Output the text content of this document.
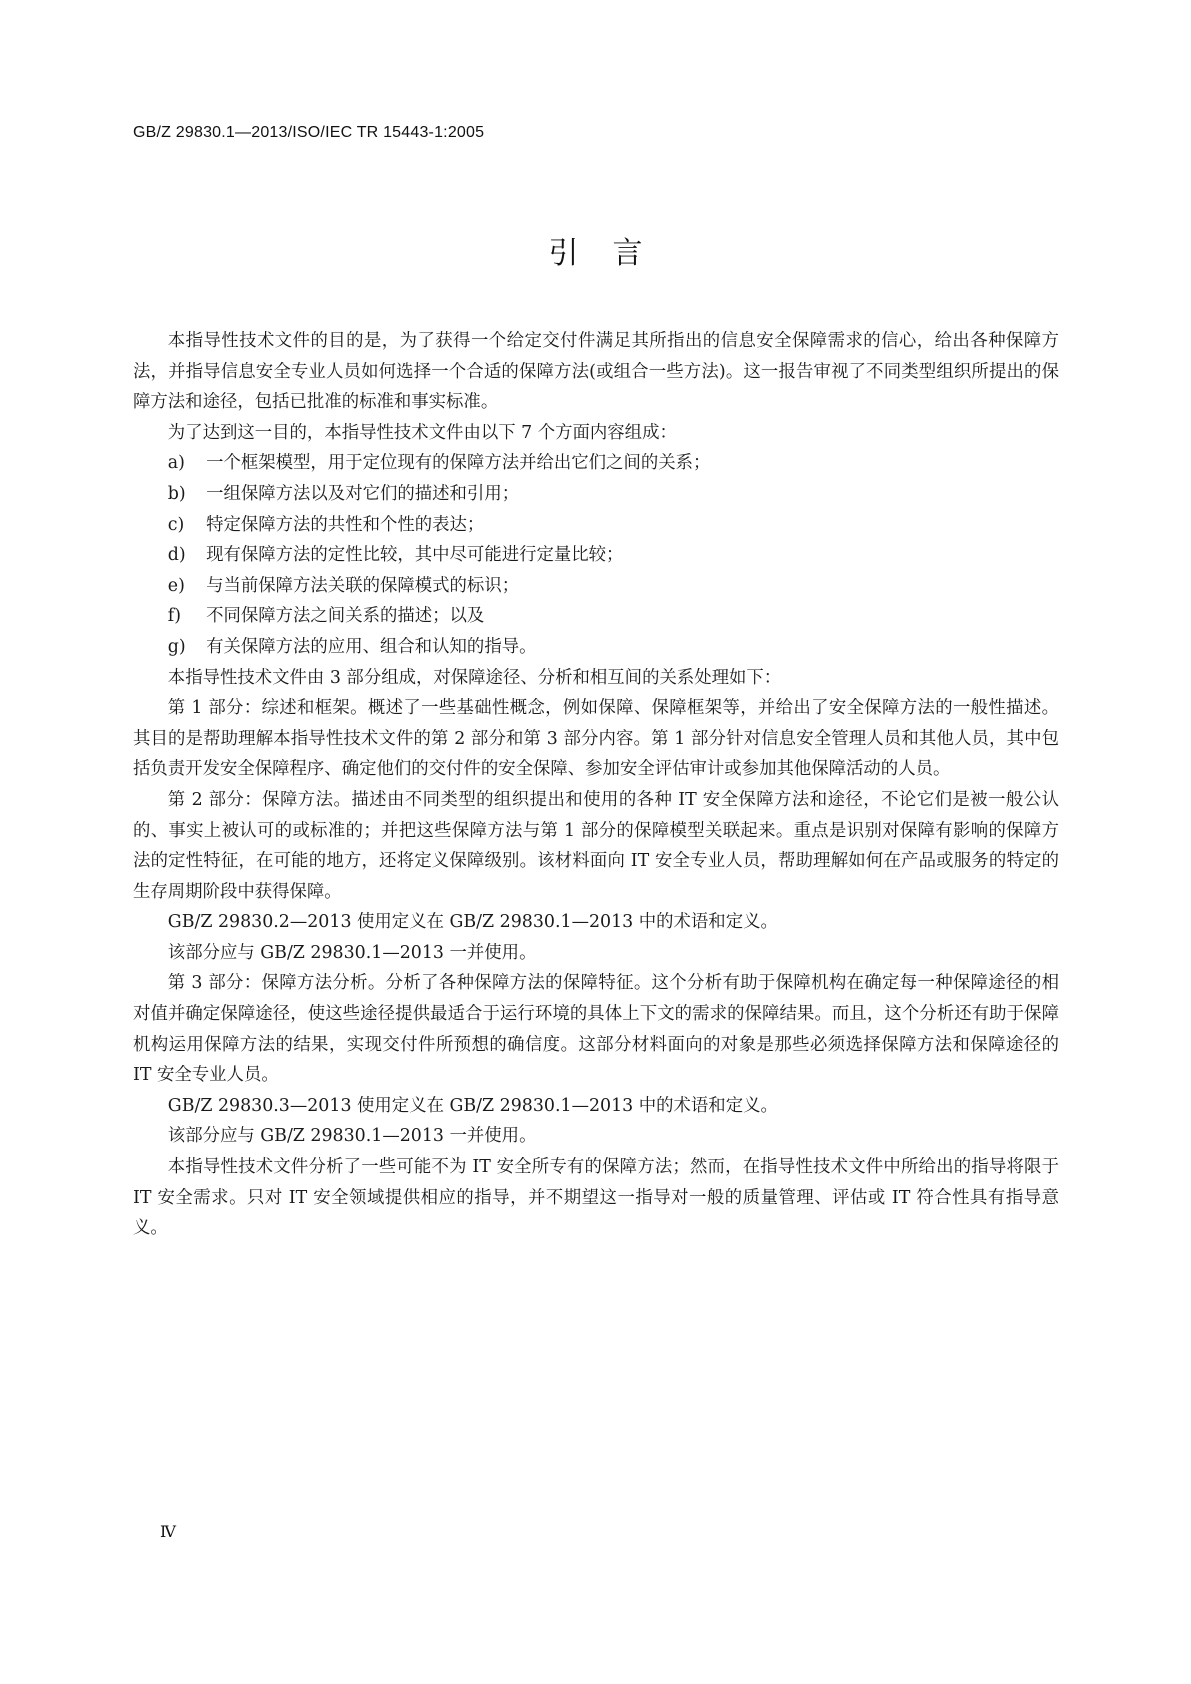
GB/Z 29830.1—2013/ISO/IEC TR 15443-1:2005
引言

本指导性技术文件的目的是，为了获得一个给定交付件满足其所指出的信息安全保障需求的信心，给出各种保障方法，并指导信息安全专业人员如何选择一个合适的保障方法(或组合一些方法)。这一报告审视了不同类型组织所提出的保障方法和途径，包括已批准的标准和事实标准。

为了达到这一目的，本指导性技术文件由以下 7 个方面内容组成：

a)	一个框架模型，用于定位现有的保障方法并给出它们之间的关系；
b)	一组保障方法以及对它们的描述和引用；
c)	特定保障方法的共性和个性的表达；
d)	现有保障方法的定性比较，其中尽可能进行定量比较；
e)	与当前保障方法关联的保障模式的标识；
f)	不同保障方法之间关系的描述；以及
g)	有关保障方法的应用、组合和认知的指导。

本指导性技术文件由 3 部分组成，对保障途径、分析和相互间的关系处理如下：

第 1 部分：综述和框架。概述了一些基础性概念，例如保障、保障框架等，并给出了安全保障方法的一般性描述。其目的是帮助理解本指导性技术文件的第 2 部分和第 3 部分内容。第 1 部分针对信息安全管理人员和其他人员，其中包括负责开发安全保障程序、确定他们的交付件的安全保障、参加安全评估审计或参加其他保障活动的人员。

第 2 部分：保障方法。描述由不同类型的组织提出和使用的各种 IT 安全保障方法和途径，不论它们是被一般公认的、事实上被认可的或标准的；并把这些保障方法与第 1 部分的保障模型关联起来。重点是识别对保障有影响的保障方法的定性特征，在可能的地方，还将定义保障级别。该材料面向 IT 安全专业人员，帮助理解如何在产品或服务的特定的生存周期阶段中获得保障。

GB/Z 29830.2—2013 使用定义在 GB/Z 29830.1—2013 中的术语和定义。

该部分应与 GB/Z 29830.1—2013 一并使用。

第 3 部分：保障方法分析。分析了各种保障方法的保障特征。这个分析有助于保障机构在确定每一种保障途径的相对值并确定保障途径，使这些途径提供最适合于运行环境的具体上下文的需求的保障结果。而且，这个分析还有助于保障机构运用保障方法的结果，实现交付件所预想的确信度。这部分材料面向的对象是那些必须选择保障方法和保障途径的 IT 安全专业人员。

GB/Z 29830.3—2013 使用定义在 GB/Z 29830.1—2013 中的术语和定义。

该部分应与 GB/Z 29830.1—2013 一并使用。

本指导性技术文件分析了一些可能不为 IT 安全所专有的保障方法；然而，在指导性技术文件中所给出的指导将限于 IT 安全需求。只对 IT 安全领域提供相应的指导，并不期望这一指导对一般的质量管理、评估或 IT 符合性具有指导意义。

Ⅳ
